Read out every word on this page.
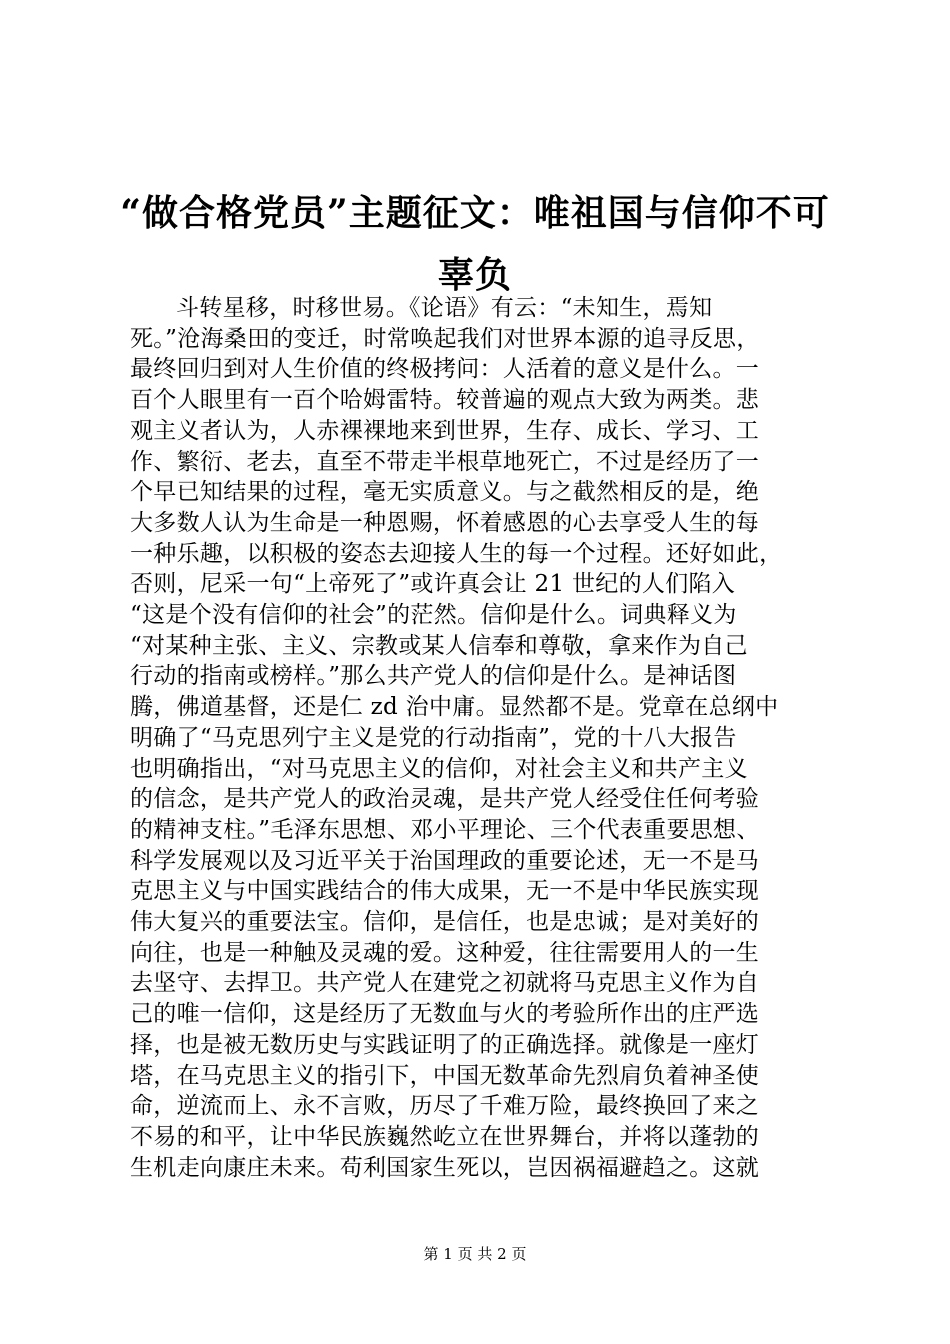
“做合格党员”主题征文：唯祖国与信仰不可
辜负
斗转星移，时移世易。《论语》有云：“未知生，焉知
死。”沧海桑田的变迁，时常唤起我们对世界本源的追寻反思，
最终回归到对人生价值的终极拷问：人活着的意义是什么。一
百个人眼里有一百个哈姆雷特。较普遍的观点大致为两类。悲
观主义者认为，人赤裸裸地来到世界，生存、成长、学习、工
作、繁衍、老去，直至不带走半根草地死亡，不过是经历了一
个早已知结果的过程，毫无实质意义。与之截然相反的是，绝
大多数人认为生命是一种恩赐，怀着感恩的心去享受人生的每
一种乐趣，以积极的姿态去迎接人生的每一个过程。还好如此，
否则，尼采一句“上帝死了”或许真会让 21 世纪的人们陷入
“这是个没有信仰的社会”的茫然。信仰是什么。词典释义为
“对某种主张、主义、宗教或某人信奉和尊敬，拿来作为自己
行动的指南或榜样。”那么共产党人的信仰是什么。是神话图
腾，佛道基督，还是仁 zd 治中庸。显然都不是。党章在总纲中
明确了“马克思列宁主义是党的行动指南”，党的十八大报告
也明确指出，“对马克思主义的信仰，对社会主义和共产主义
的信念，是共产党人的政治灵魂，是共产党人经受住任何考验
的精神支柱。”毛泽东思想、邓小平理论、三个代表重要思想、
科学发展观以及习近平关于治国理政的重要论述，无一不是马
克思主义与中国实践结合的伟大成果，无一不是中华民族实现
伟大复兴的重要法宝。信仰，是信任，也是忠诚；是对美好的
向往，也是一种触及灵魂的爱。这种爱，往往需要用人的一生
去坚守、去捍卫。共产党人在建党之初就将马克思主义作为自
己的唯一信仰，这是经历了无数血与火的考验所作出的庄严选
择，也是被无数历史与实践证明了的正确选择。就像是一座灯
塔，在马克思主义的指引下，中国无数革命先烈肩负着神圣使
命，逆流而上、永不言败，历尽了千难万险，最终换回了来之
不易的和平，让中华民族巍然屹立在世界舞台，并将以蓬勃的
生机走向康庄未来。苟利国家生死以，岂因祸福避趋之。这就
第 1 页 共 2 页
